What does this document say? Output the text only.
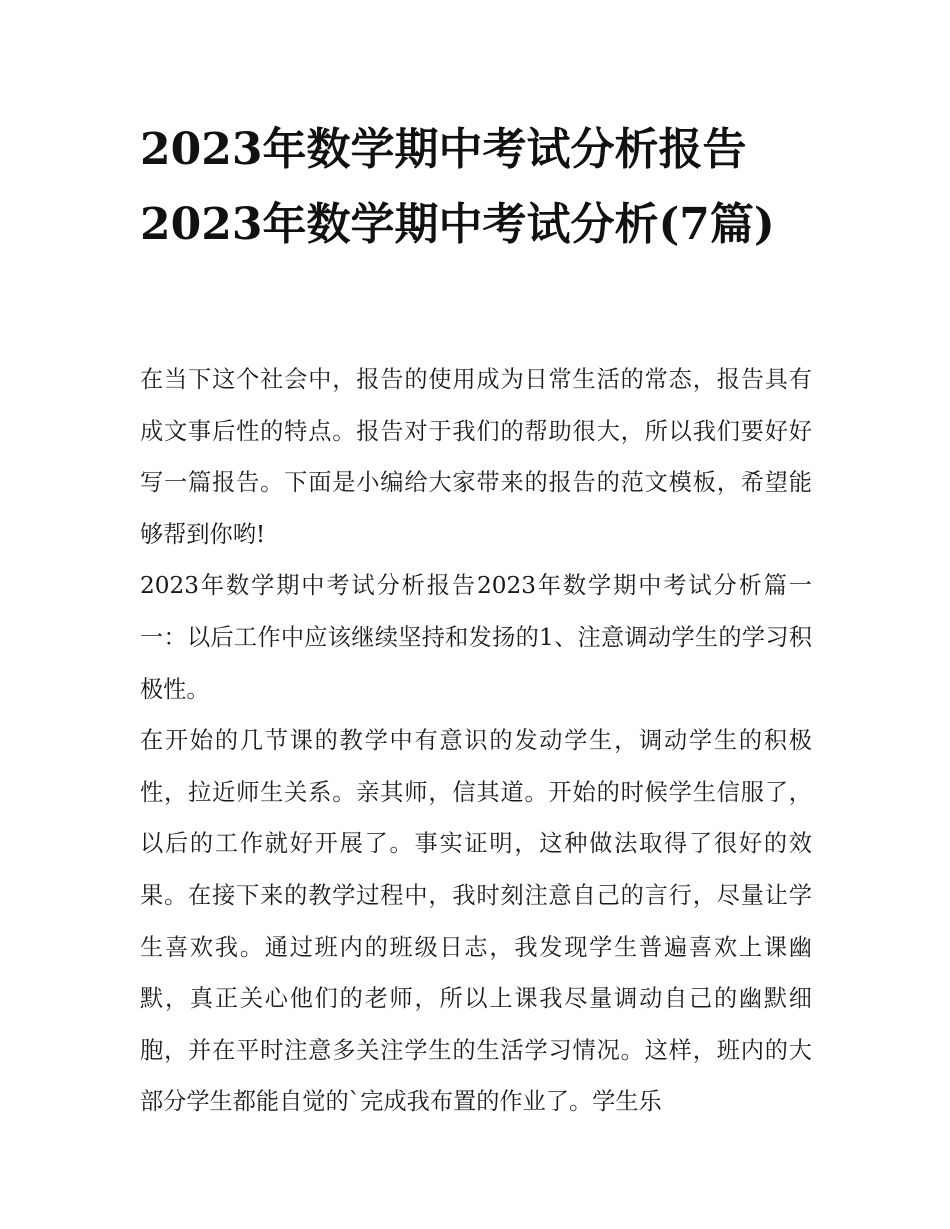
2023年数学期中考试分析报告2023年数学期中考试分析(7篇)

在当下这个社会中，报告的使用成为日常生活的常态，报告具有成文事后性的特点。报告对于我们的帮助很大，所以我们要好好写一篇报告。下面是小编给大家带来的报告的范文模板，希望能够帮到你哟!

2023年数学期中考试分析报告2023年数学期中考试分析篇一一：以后工作中应该继续坚持和发扬的1、注意调动学生的学习积极性。

在开始的几节课的教学中有意识的发动学生，调动学生的积极性，拉近师生关系。亲其师，信其道。开始的时候学生信服了，以后的工作就好开展了。事实证明，这种做法取得了很好的效果。在接下来的教学过程中，我时刻注意自己的言行，尽量让学生喜欢我。通过班内的班级日志，我发现学生普遍喜欢上课幽默，真正关心他们的老师，所以上课我尽量调动自己的幽默细胞，并在平时注意多关注学生的生活学习情况。这样，班内的大部分学生都能自觉的`完成我布置的作业了。学生乐
